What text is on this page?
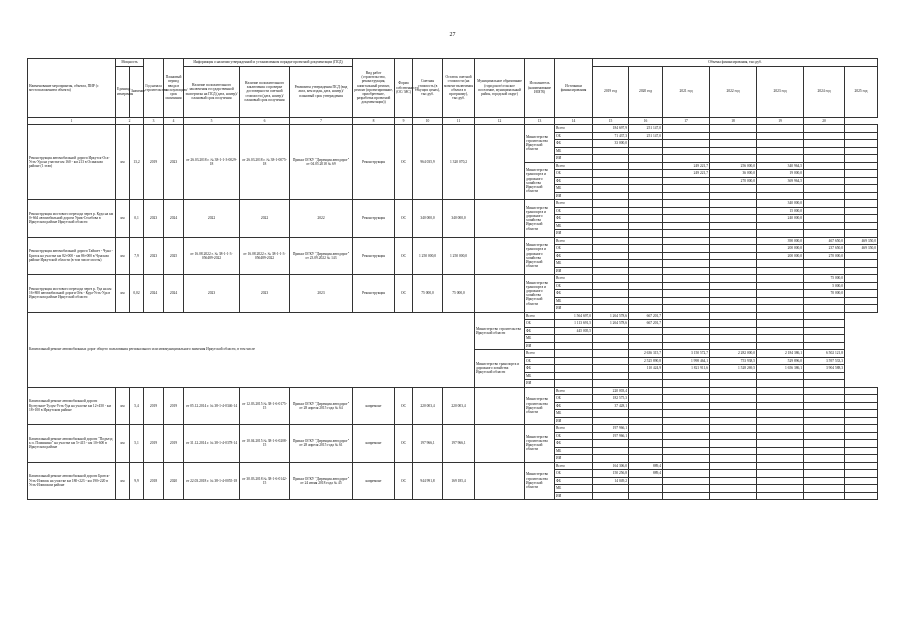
27
Наименование мероприятия, объекта, ПИР (с местоположением объекта)	Мощность		Год начала строительства	Плановый период ввода в эксплуатацию/ срок окончания	Информация о наличии утвержденной и установленном порядке проектной документации (ПСД)			Вид работ (строительство, реконструкция, капитальный ремонт, ремонт (проектирование, приобретение, разработка проектной документации))	Форма собственности (ОС/ МС)	Сметная стоимость (в текущих ценах), тыс.руб.	Остаток сметной стоимости (на момент включения объекта в программу), тыс.руб.	Муниципальное образование (городское/сельское поселение, муниципальный район, городской округ)	Исполнитель (наименование ИОГВ)	Источники финансирования	Объемы финансирования, тыс.руб.						
	Единица измерения	Значение			Наличие положительного заключения государственной экспертизы на ПСД (дата, номер)/ плановый срок получения	Наличие положительного заключения о проверке достоверности сметной стоимости (дата, номер)/ плановый срок получения	Реквизиты утверждения ПСД (вид акта, кем издан, дата, номер)/ плановый срок утверждения								2019 год	2020 год	2021 год	2022 год	2023 год	2024 год	2025 год

1	2		3	4	5	6	7	8	9	10	11	12	13	14	15	16	17	18	19	20	
Реконструкция автомобильной дороги Иркутск-Оса-Усть-Уда на участке км 160 - км 213 в Осинском районе (1 этап)	км	13,2	2019	2023	от 26.03.2018 г. № 38-1-1-3-0029-18	от 26.03.2018 г. № 38-1-0075-18	Приказ ОГКУ "Дирекция автодорог" от 04.05.2018 № 69	Реконструкция	ОС	964 035,9	1 320 070,2		Министерство строительства Иркутской области	Всего	184 697,9	251 147,0					
														ОБ	71 437,3	251 147,0					
														ФБ	33 000,0						
														МБ							
														ИИ							
													Министерство транспорта и дорожного хозяйства Иркутской области	Всего			249 221,7	256 000,0	340 964,5		
														ОБ			249 221,7	36 000,0	19 000,0		
														ФБ				270 000,0	369 964,5		
														МБ							
														ИИ							
Реконструкция мостового перехода через р. Куда на км 0+664 автомобильной дороги Урик-Столбова в Иркутском районе Иркутской области	км	0,1	2023	2024	2022	2022	2022	Реконструкция	ОС	340 000,0	340 000,0		Министерство транспорта и дорожного хозяйства Иркутской области	Всего					340 000,0		
														ОБ					15 000,0		
														ФБ					240 000,0		
														МБ							
														ИИ							
Реконструкция автомобильной дороги Тайшет - Чуна - Братск на участке км 82+000 - км 86+000 в Чунском районе Иркутской области (в том числе мосты)	км	7,9	2023	2025	от 16.08.2022 г. № 38-1-1-3-056489-2022	от 16.08.2022 г. № 38-1-1-3-056489-2022	Приказ ОГКУ "Дирекция автодорог" от 23.09.2022 № 143	Реконструкция	ОС	1 250 000,0	1 250 000,0		Министерство транспорта и дорожного хозяйства Иркутской области	Всего					390 000,0	467 650,0	469 350,0
														ОБ					200 000,0	237 650,0	469 350,0
														ФБ					200 000,0	270 000,0	
														МБ							
														ИИ							
Реконструкция мостового перехода через р. Уда на км 16+800 автомобильной дороги Оёк - Куда-Усть-Уда в Иркутском районе Иркутской области	км	0,02	2024	2024	2023	2023	2023	Реконструкция	ОС	75 000,0	75 000,0		Министерство транспорта и дорожного хозяйства Иркутской области	Всего						75 000,0	
														ОБ						5 000,0	
														ФБ						70 000,0	
														МБ							
														ИИ							
Капитальный ремонт автомобильных дорог общего пользования регионального или межмуниципального значения Иркутской области, в том числе												Министерство строительства Иркутской области	Всего	1 564 697,0	1 264 578,6	667 201,7					
													ОБ	1 113 691,5	1 264 578,6	667 201,7					
													ФБ	445 005,5							
													МБ								
													ИИ								
												Министерство транспорта и дорожного хозяйства Иркутской области	Всего			2 636 315,7	3 150 572,7	2 282 000,0	2 184 386,1	6 502 121,8	
													ОБ			2 525 890,8	1 998 464,1	753 938,5	529 896,0	3 597 533,3	
													ФБ			110 424,9	1 821 911,6	1 528 269,5	1 656 386,1	3 904 588,3	
													МБ								
													ИИ								
Капитальный ремонт автомобильной дороги Култучное-Тулун-Усть-Уда на участке км 12+450 - км 18+100 в Иркутском районе	км	5,4	2019	2019	от 05.12.2014 г. № 38-1-4-0346-14	от 12.03.2015 № 38-1-6-0175-15	Приказ ОГКУ "Дирекция автодорог" от 28 апреля 2015 года № 64	капремонт	ОС	220 003,4	220 003,4		Министерство строительства Иркутской области	Всего	220 003,4						
														ОБ	182 575,3						
														ФБ	37 428,1						
														МБ							
														ИИ							
Капитальный ремонт автомобильной дороги "Подъезд к п. Плишкино" на участке км 5+415 - км 10+600 в Иркутском районе	км	5,1	2019	2019	от 31.12.2014 г. № 38-1-4-0378-14	от 10.04.2015 № 38-1-6-0208-15	Приказ ОГКУ "Дирекция автодорог" от 28 апреля 2015 года № 61	капремонт	ОС	197 966,1	197 966,1		Министерство строительства Иркутской области	Всего	197 966,1						
														ОБ	197 966,1						
														ФБ							
														МБ							
														ИИ							
Капитальный ремонт автомобильной дороги Братск-Усть-Илимск на участке км 180+223 - км 190+220 в Усть-Илимском районе	км	9,9	2018	2020	от 22.03.2018 г. № 38-1-4-0055-18	от 30.03.2018 № 38-1-6-0142-15	Приказ ОГКУ "Дирекция автодорог" от 24 июня 2018 года № 45	капремонт	ОС	944 991,8	169 185,4		Министерство строительства Иркутской области	Всего	164 306,0	889,4					
														ОБ	150 256,8	889,4					
														ФБ	14 049,2						
														МБ							
														ИИ							
